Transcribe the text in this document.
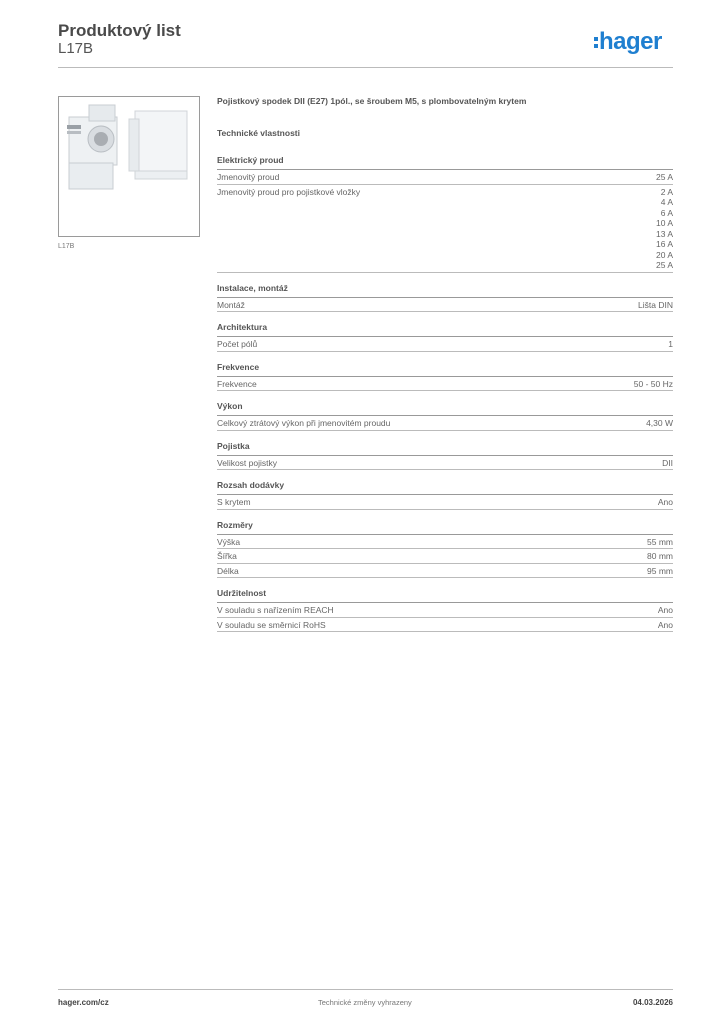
Produktový list
L17B	hager
L17B
Pojistkový spodek DII (E27) 1pól., se šroubem M5, s plombovatelným krytem
Technické vlastnosti
Elektrický proud
Jmenovitý proud	25 A
Jmenovitý proud pro pojistkové vložky	2 A
4 A
6 A
10 A
13 A
16 A
20 A
25 A
Instalace, montáž
Montáž	Lišta DIN
Architektura
Počet pólů	1
Frekvence
Frekvence	50 - 50 Hz
Výkon
Celkový ztrátový výkon při jmenovitém proudu	4,30 W
Pojistka
Velikost pojistky	DII
Rozsah dodávky
S krytem	Ano
Rozměry
Výška	55 mm
Šířka	80 mm
Délka	95 mm
Udržitelnost
V souladu s nařízením REACH	Ano
V souladu se směrnicí RoHS	Ano
hager.com/cz	Technické změny vyhrazeny	04.03.2026
